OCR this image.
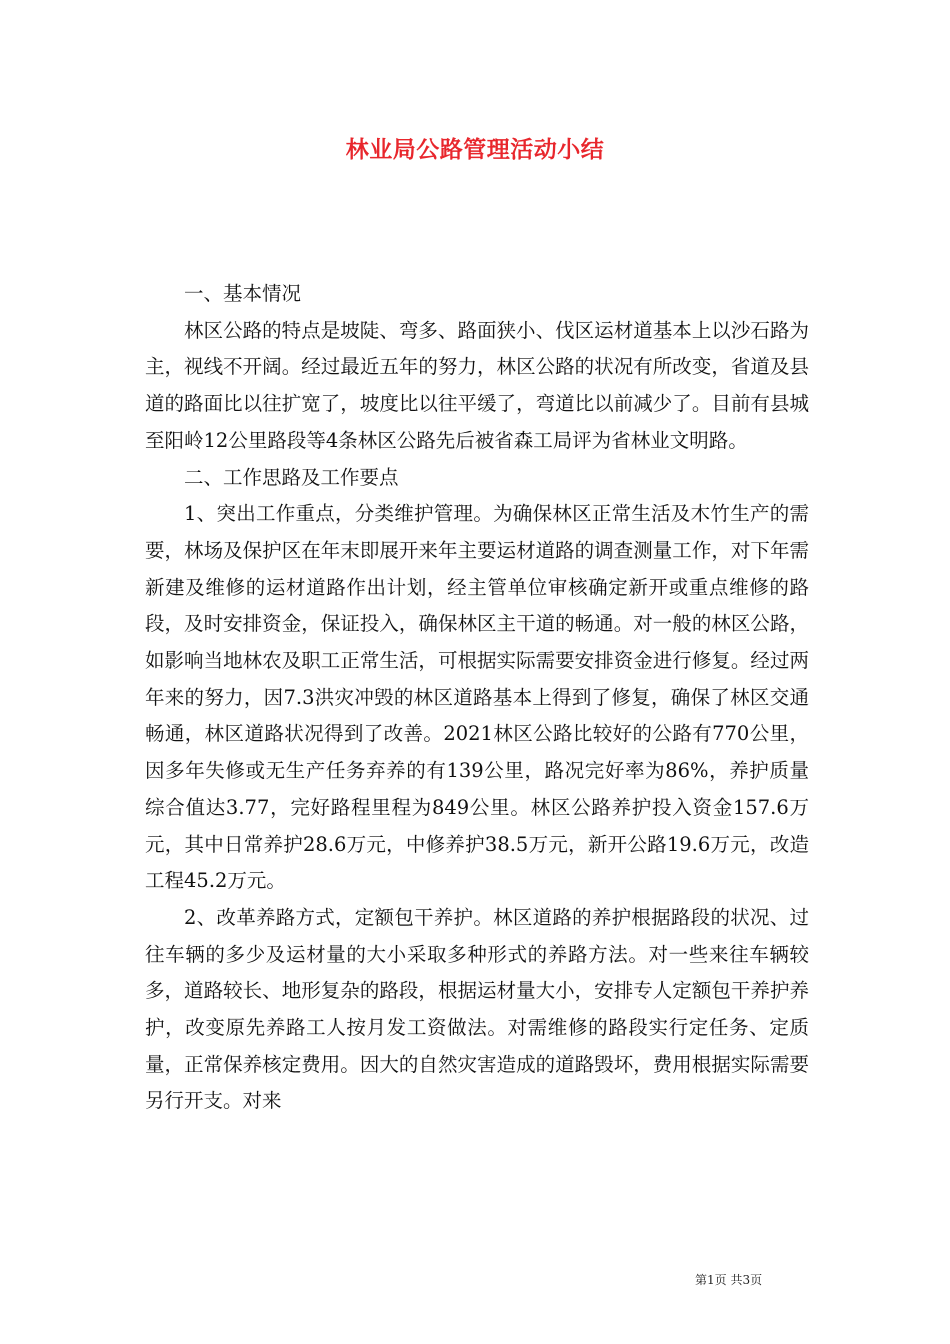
林业局公路管理活动小结

一、基本情况

林区公路的特点是坡陡、弯多、路面狭小、伐区运材道基本上以沙石路为主，视线不开阔。经过最近五年的努力，林区公路的状况有所改变，省道及县道的路面比以往扩宽了，坡度比以往平缓了，弯道比以前减少了。目前有县城至阳岭12公里路段等4条林区公路先后被省森工局评为省林业文明路。

二、工作思路及工作要点

1、突出工作重点，分类维护管理。为确保林区正常生活及木竹生产的需要，林场及保护区在年末即展开来年主要运材道路的调查测量工作，对下年需新建及维修的运材道路作出计划，经主管单位审核确定新开或重点维修的路段，及时安排资金，保证投入，确保林区主干道的畅通。对一般的林区公路，如影响当地林农及职工正常生活，可根据实际需要安排资金进行修复。经过两年来的努力，因7.3洪灾冲毁的林区道路基本上得到了修复，确保了林区交通畅通，林区道路状况得到了改善。2021林区公路比较好的公路有770公里，因多年失修或无生产任务弃养的有139公里，路况完好率为86%，养护质量综合值达3.77，完好路程里程为849公里。林区公路养护投入资金157.6万元，其中日常养护28.6万元，中修养护38.5万元，新开公路19.6万元，改造工程45.2万元。

2、改革养路方式，定额包干养护。林区道路的养护根据路段的状况、过往车辆的多少及运材量的大小采取多种形式的养路方法。对一些来往车辆较多，道路较长、地形复杂的路段，根据运材量大小，安排专人定额包干养护养护，改变原先养路工人按月发工资做法。对需维修的路段实行定任务、定质量，正常保养核定费用。因大的自然灾害造成的道路毁坏，费用根据实际需要另行开支。对来

第1页 共3页
